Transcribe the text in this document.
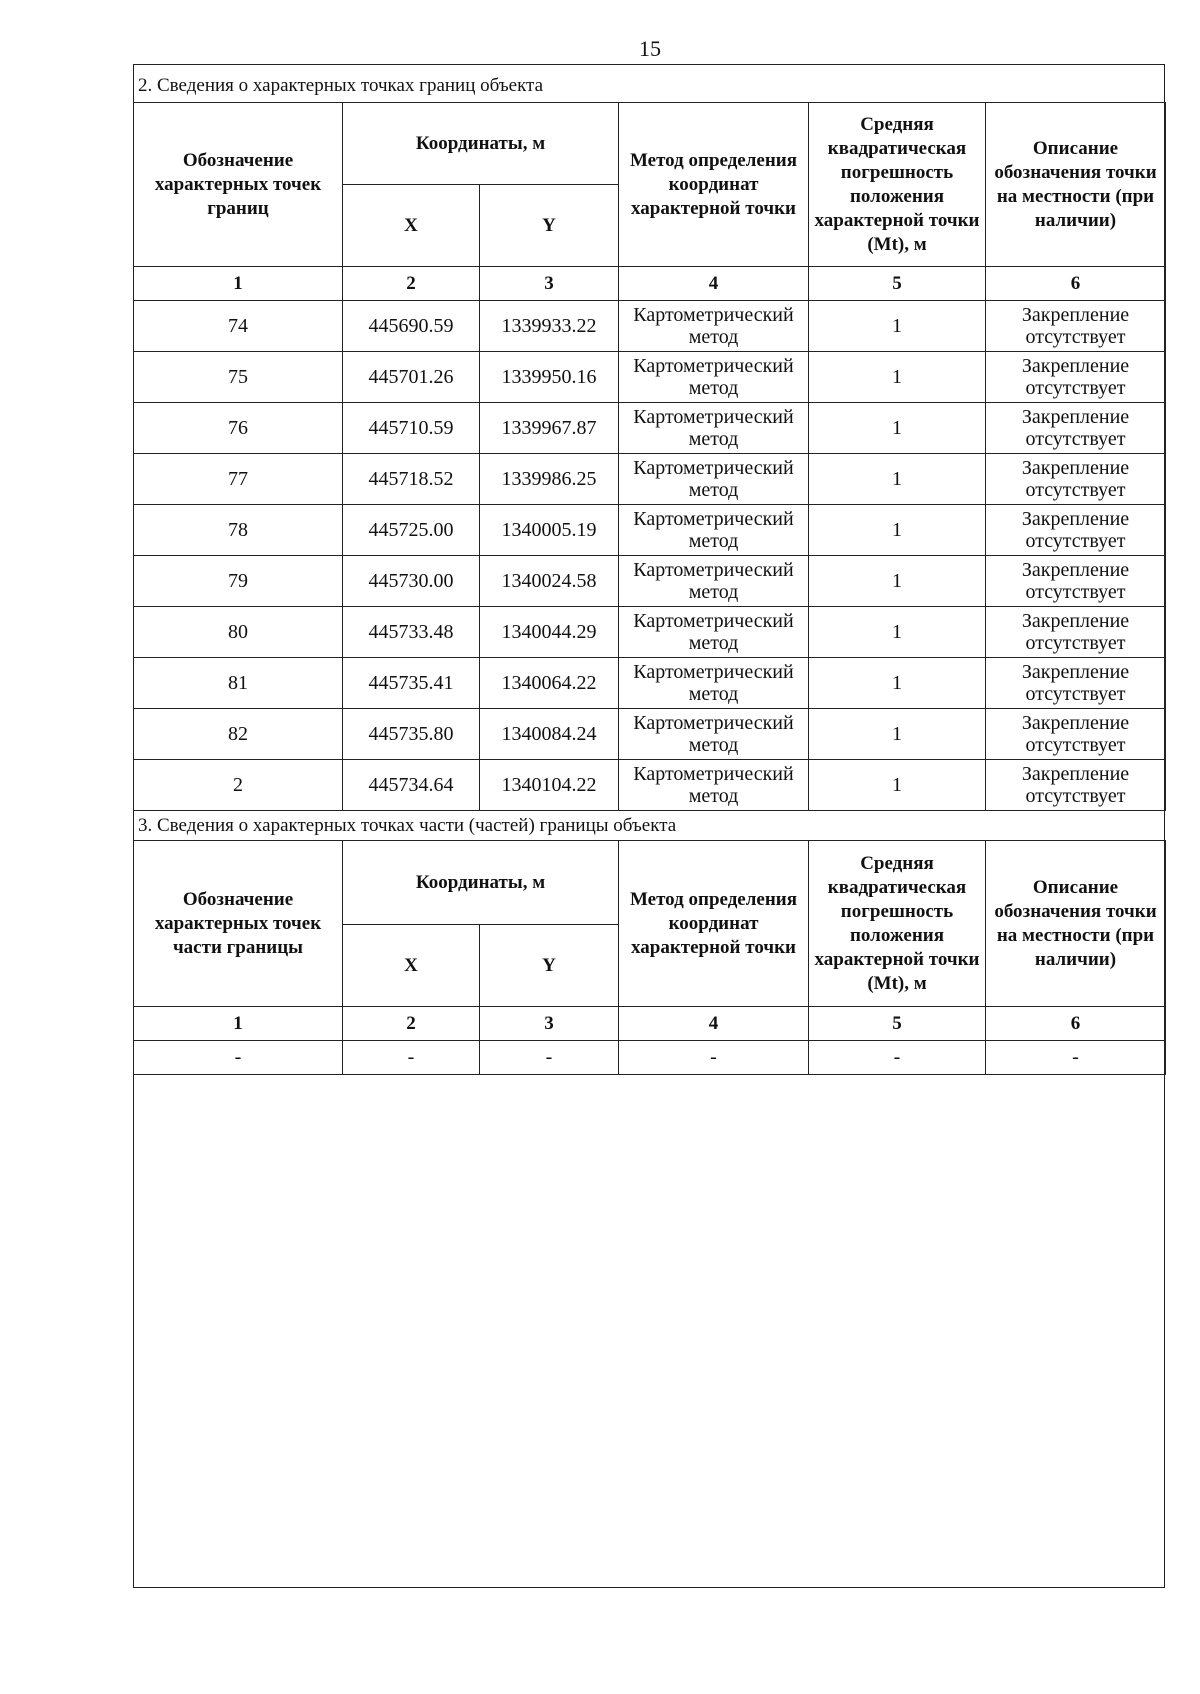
15
2. Сведения о характерных точках границ объекта
Обозначение характерных точек границ	Координаты, м		Метод определения координат характерной точки	Средняя квадратическая погрешность положения характерной точки (Mt), м	Описание обозначения точки на местности (при наличии)
	X	Y			
1	2	3	4	5	6
74	445690.59	1339933.22	Картометрический метод	1	Закрепление отсутствует
75	445701.26	1339950.16	Картометрический метод	1	Закрепление отсутствует
76	445710.59	1339967.87	Картометрический метод	1	Закрепление отсутствует
77	445718.52	1339986.25	Картометрический метод	1	Закрепление отсутствует
78	445725.00	1340005.19	Картометрический метод	1	Закрепление отсутствует
79	445730.00	1340024.58	Картометрический метод	1	Закрепление отсутствует
80	445733.48	1340044.29	Картометрический метод	1	Закрепление отсутствует
81	445735.41	1340064.22	Картометрический метод	1	Закрепление отсутствует
82	445735.80	1340084.24	Картометрический метод	1	Закрепление отсутствует
2	445734.64	1340104.22	Картометрический метод	1	Закрепление отсутствует
3. Сведения о характерных точках части (частей) границы объекта
Обозначение характерных точек части границы	Координаты, м		Метод определения координат характерной точки	Средняя квадратическая погрешность положения характерной точки (Mt), м	Описание обозначения точки на местности (при наличии)
	X	Y			
1	2	3	4	5	6
-	-	-	-	-	-
